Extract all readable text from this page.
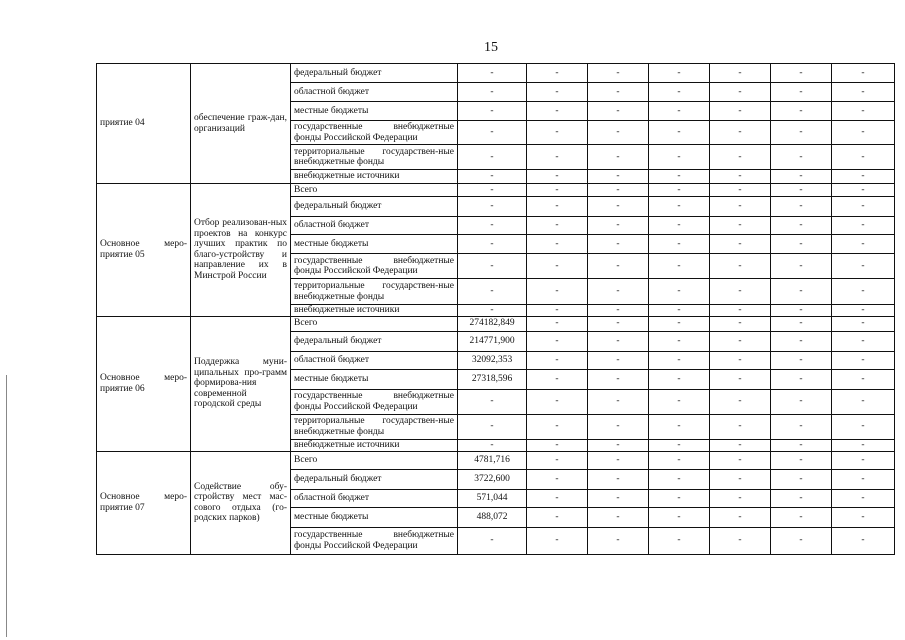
15
приятие 04	обеспечение граж-дан, организаций	федеральный бюджет	-	-	-	-	-	-	-
		областной бюджет	-	-	-	-	-	-	-
		местные бюджеты	-	-	-	-	-	-	-
		государственные внебюджетные фонды Российской Федерации	-	-	-	-	-	-	-
		территориальные государствен-ные внебюджетные фонды	-	-	-	-	-	-	-
		внебюджетные источники	-	-	-	-	-	-	-
Основное меро-приятие 05	Отбор реализован-ных проектов на конкурс лучших практик по благо-устройству и направление их в Минстрой России	Всего	-	-	-	-	-	-	-
		федеральный бюджет	-	-	-	-	-	-	-
		областной бюджет	-	-	-	-	-	-	-
		местные бюджеты	-	-	-	-	-	-	-
		государственные внебюджетные фонды Российской Федерации	-	-	-	-	-	-	-
		территориальные государствен-ные внебюджетные фонды	-	-	-	-	-	-	-
		внебюджетные источники	-	-	-	-	-	-	-
Основное меро-приятие 06	Поддержка муни-ципальных про-грамм формирова-ния современной городской среды	Всего	274182,849	-	-	-	-	-	-
		федеральный бюджет	214771,900	-	-	-	-	-	-
		областной бюджет	32092,353	-	-	-	-	-	-
		местные бюджеты	27318,596	-	-	-	-	-	-
		государственные внебюджетные фонды Российской Федерации	-	-	-	-	-	-	-
		территориальные государствен-ные внебюджетные фонды	-	-	-	-	-	-	-
		внебюджетные источники	-	-	-	-	-	-	-
Основное меро-приятие 07	Содействие обу-стройству мест мас-сового отдыха (го-родских парков)	Всего	4781,716	-	-	-	-	-	-
		федеральный бюджет	3722,600	-	-	-	-	-	-
		областной бюджет	571,044	-	-	-	-	-	-
		местные бюджеты	488,072	-	-	-	-	-	-
		государственные внебюджетные фонды Российской Федерации	-	-	-	-	-	-	-
